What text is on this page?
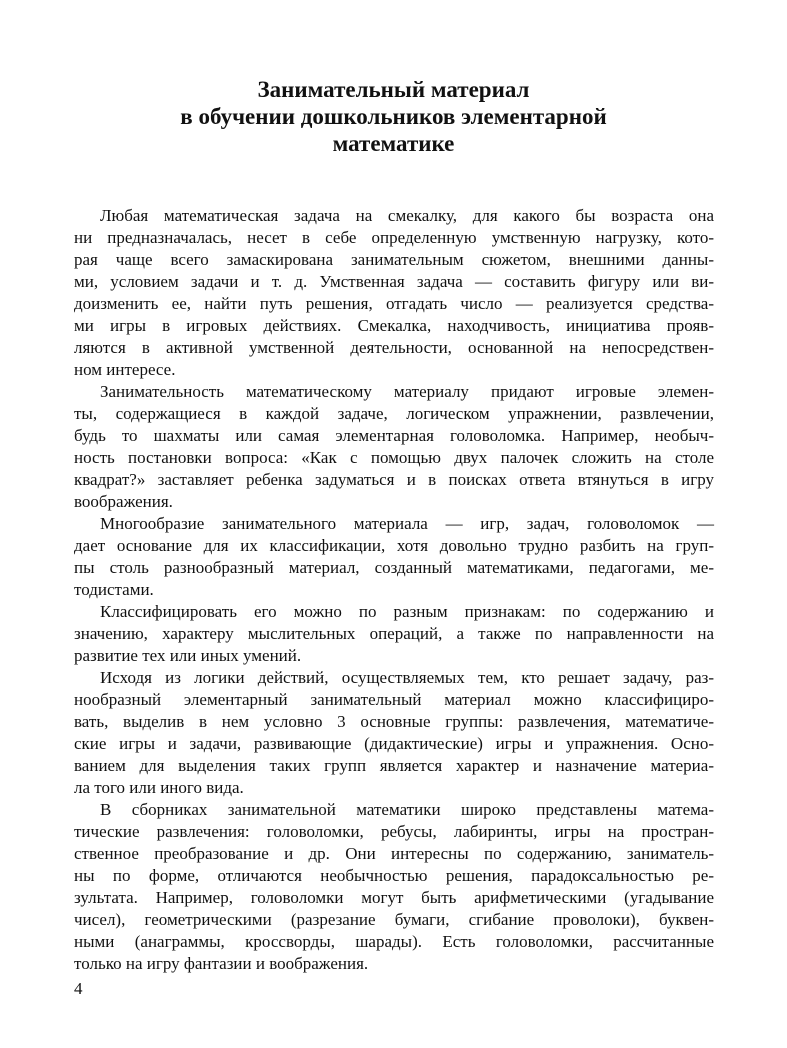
Занимательный материал
в обучении дошкольников элементарной
математике

Любая математическая задача на смекалку, для какого бы возраста она
ни предназначалась, несет в себе определенную умственную нагрузку, кото-
рая чаще всего замаскирована занимательным сюжетом, внешними данны-
ми, условием задачи и т. д. Умственная задача — составить фигуру или ви-
доизменить ее, найти путь решения, отгадать число — реализуется средства-
ми игры в игровых действиях. Смекалка, находчивость, инициатива прояв-
ляются в активной умственной деятельности, основанной на непосредствен-
ном интересе.

Занимательность математическому материалу придают игровые элемен-
ты, содержащиеся в каждой задаче, логическом упражнении, развлечении,
будь то шахматы или самая элементарная головоломка. Например, необыч-
ность постановки вопроса: «Как с помощью двух палочек сложить на столе
квадрат?» заставляет ребенка задуматься и в поисках ответа втянуться в игру
воображения.

Многообразие занимательного материала — игр, задач, головоломок —
дает основание для их классификации, хотя довольно трудно разбить на груп-
пы столь разнообразный материал, созданный математиками, педагогами, ме-
тодистами.

Классифицировать его можно по разным признакам: по содержанию и
значению, характеру мыслительных операций, а также по направленности на
развитие тех или иных умений.

Исходя из логики действий, осуществляемых тем, кто решает задачу, раз-
нообразный элементарный занимательный материал можно классифициро-
вать, выделив в нем условно 3 основные группы: развлечения, математиче-
ские игры и задачи, развивающие (дидактические) игры и упражнения. Осно-
ванием для выделения таких групп является характер и назначение материа-
ла того или иного вида.

В сборниках занимательной математики широко представлены матема-
тические развлечения: головоломки, ребусы, лабиринты, игры на простран-
ственное преобразование и др. Они интересны по содержанию, заниматель-
ны по форме, отличаются необычностью решения, парадоксальностью ре-
зультата. Например, головоломки могут быть арифметическими (угадывание
чисел), геометрическими (разрезание бумаги, сгибание проволоки), буквен-
ными (анаграммы, кроссворды, шарады). Есть головоломки, рассчитанные
только на игру фантазии и воображения.

4
